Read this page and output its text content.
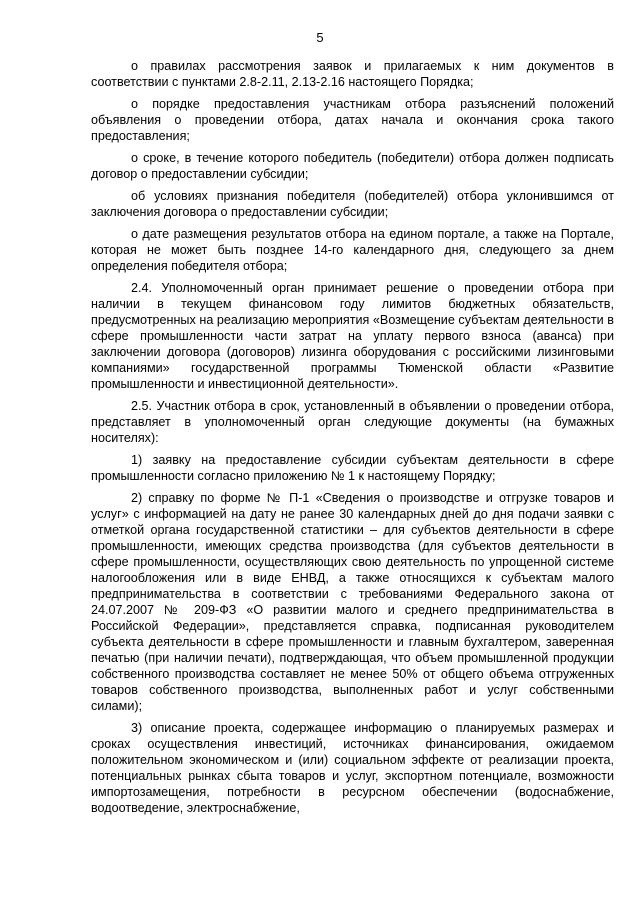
5

о правилах рассмотрения заявок и прилагаемых к ним документов в соответствии с пунктами 2.8-2.11, 2.13-2.16 настоящего Порядка;

о порядке предоставления участникам отбора разъяснений положений объявления о проведении отбора, датах начала и окончания срока такого предоставления;

о сроке, в течение которого победитель (победители) отбора должен подписать договор о предоставлении субсидии;

об условиях признания победителя (победителей) отбора уклонившимся от заключения договора о предоставлении субсидии;

о дате размещения результатов отбора на едином портале, а также на Портале, которая не может быть позднее 14-го календарного дня, следующего за днем определения победителя отбора;

2.4. Уполномоченный орган принимает решение о проведении отбора при наличии в текущем финансовом году лимитов бюджетных обязательств, предусмотренных на реализацию мероприятия «Возмещение субъектам деятельности в сфере промышленности части затрат на уплату первого взноса (аванса) при заключении договора (договоров) лизинга оборудования с российскими лизинговыми компаниями» государственной программы Тюменской области «Развитие промышленности и инвестиционной деятельности».

2.5. Участник отбора в срок, установленный в объявлении о проведении отбора, представляет в уполномоченный орган следующие документы (на бумажных носителях):

1) заявку на предоставление субсидии субъектам деятельности в сфере промышленности согласно приложению № 1 к настоящему Порядку;

2) справку по форме № П-1 «Сведения о производстве и отгрузке товаров и услуг» с информацией на дату не ранее 30 календарных дней до дня подачи заявки с отметкой органа государственной статистики – для субъектов деятельности в сфере промышленности, имеющих средства производства (для субъектов деятельности в сфере промышленности, осуществляющих свою деятельность по упрощенной системе налогообложения или в виде ЕНВД, а также относящихся к субъектам малого предпринимательства в соответствии с требованиями Федерального закона от 24.07.2007 № 209-ФЗ «О развитии малого и среднего предпринимательства в Российской Федерации», представляется справка, подписанная руководителем субъекта деятельности в сфере промышленности и главным бухгалтером, заверенная печатью (при наличии печати), подтверждающая, что объем промышленной продукции собственного производства составляет не менее 50% от общего объема отгруженных товаров собственного производства, выполненных работ и услуг собственными силами);

3) описание проекта, содержащее информацию о планируемых размерах и сроках осуществления инвестиций, источниках финансирования, ожидаемом положительном экономическом и (или) социальном эффекте от реализации проекта, потенциальных рынках сбыта товаров и услуг, экспортном потенциале, возможности импортозамещения, потребности в ресурсном обеспечении (водоснабжение, водоотведение, электроснабжение,
